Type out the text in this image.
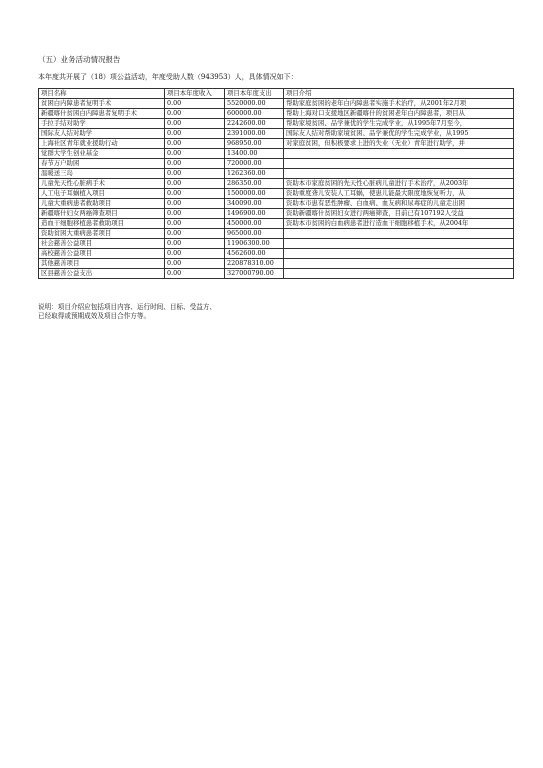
（五）业务活动情况报告
本年度共开展了（18）项公益活动，年度受助人数（943953）人，具体情况如下：
项目名称	项目本年度收入	项目本年度支出	项目介绍
贫困白内障患者复明手术	0.00	5520000.00	帮助家庭贫困的老年白内障患者实施手术治疗，从2001年2月项
新疆喀什贫困白内障患者复明手术	0.00	600000.00	帮助上海对口支援地区新疆喀什的贫困老年白内障患者，项目从
手拉手结对助学	0.00	2242600.00	帮助家境贫困、品学兼优的学生完成学业，从1995年7月至今，
国际友人结对助学	0.00	2391000.00	国际友人结对帮助家境贫困、品学兼优的学生完成学业，从1995
上海社区青年就业援助行动	0.00	968950.00	对家庭贫困，但积极要求上进的失业（无业）青年进行助学，并
觉群大学生创业基金	0.00	13400.00	
春节万户助困	0.00	720000.00	
温暖送三岛	0.00	1262360.00	
儿童先天性心脏病手术	0.00	286350.00	资助本市家庭贫困的先天性心脏病儿童进行手术治疗，从2003年
人工电子耳蜗植入项目	0.00	1500000.00	资助重度聋儿安装人工耳蜗，使患儿能最大限度地恢复听力，从
儿童大重病患者救助项目	0.00	340090.00	资助本市患有恶性肿瘤、白血病、血友病和尿毒症的儿童走出困
新疆喀什妇女两癌筛查项目	0.00	1496900.00	资助新疆喀什贫困妇女进行两癌筛查，目前已有107192人受益
造血干细胞移植患者救助项目	0.00	450000.00	资助本市贫困的白血病患者进行造血干细胞移植手术，从2004年
资助贫困大重病患者项目	0.00	965000.00	
社会慈善公益项目	0.00	11906300.00	
高校慈善公益项目	0.00	4562600.00	
其他慈善项目	0.00	220878310.00	
区县慈善公益支出	0.00	327000790.00	
说明：项目介绍应包括项目内容、运行时间、目标、受益方、
已经取得或预期成效及项目合作方等。
